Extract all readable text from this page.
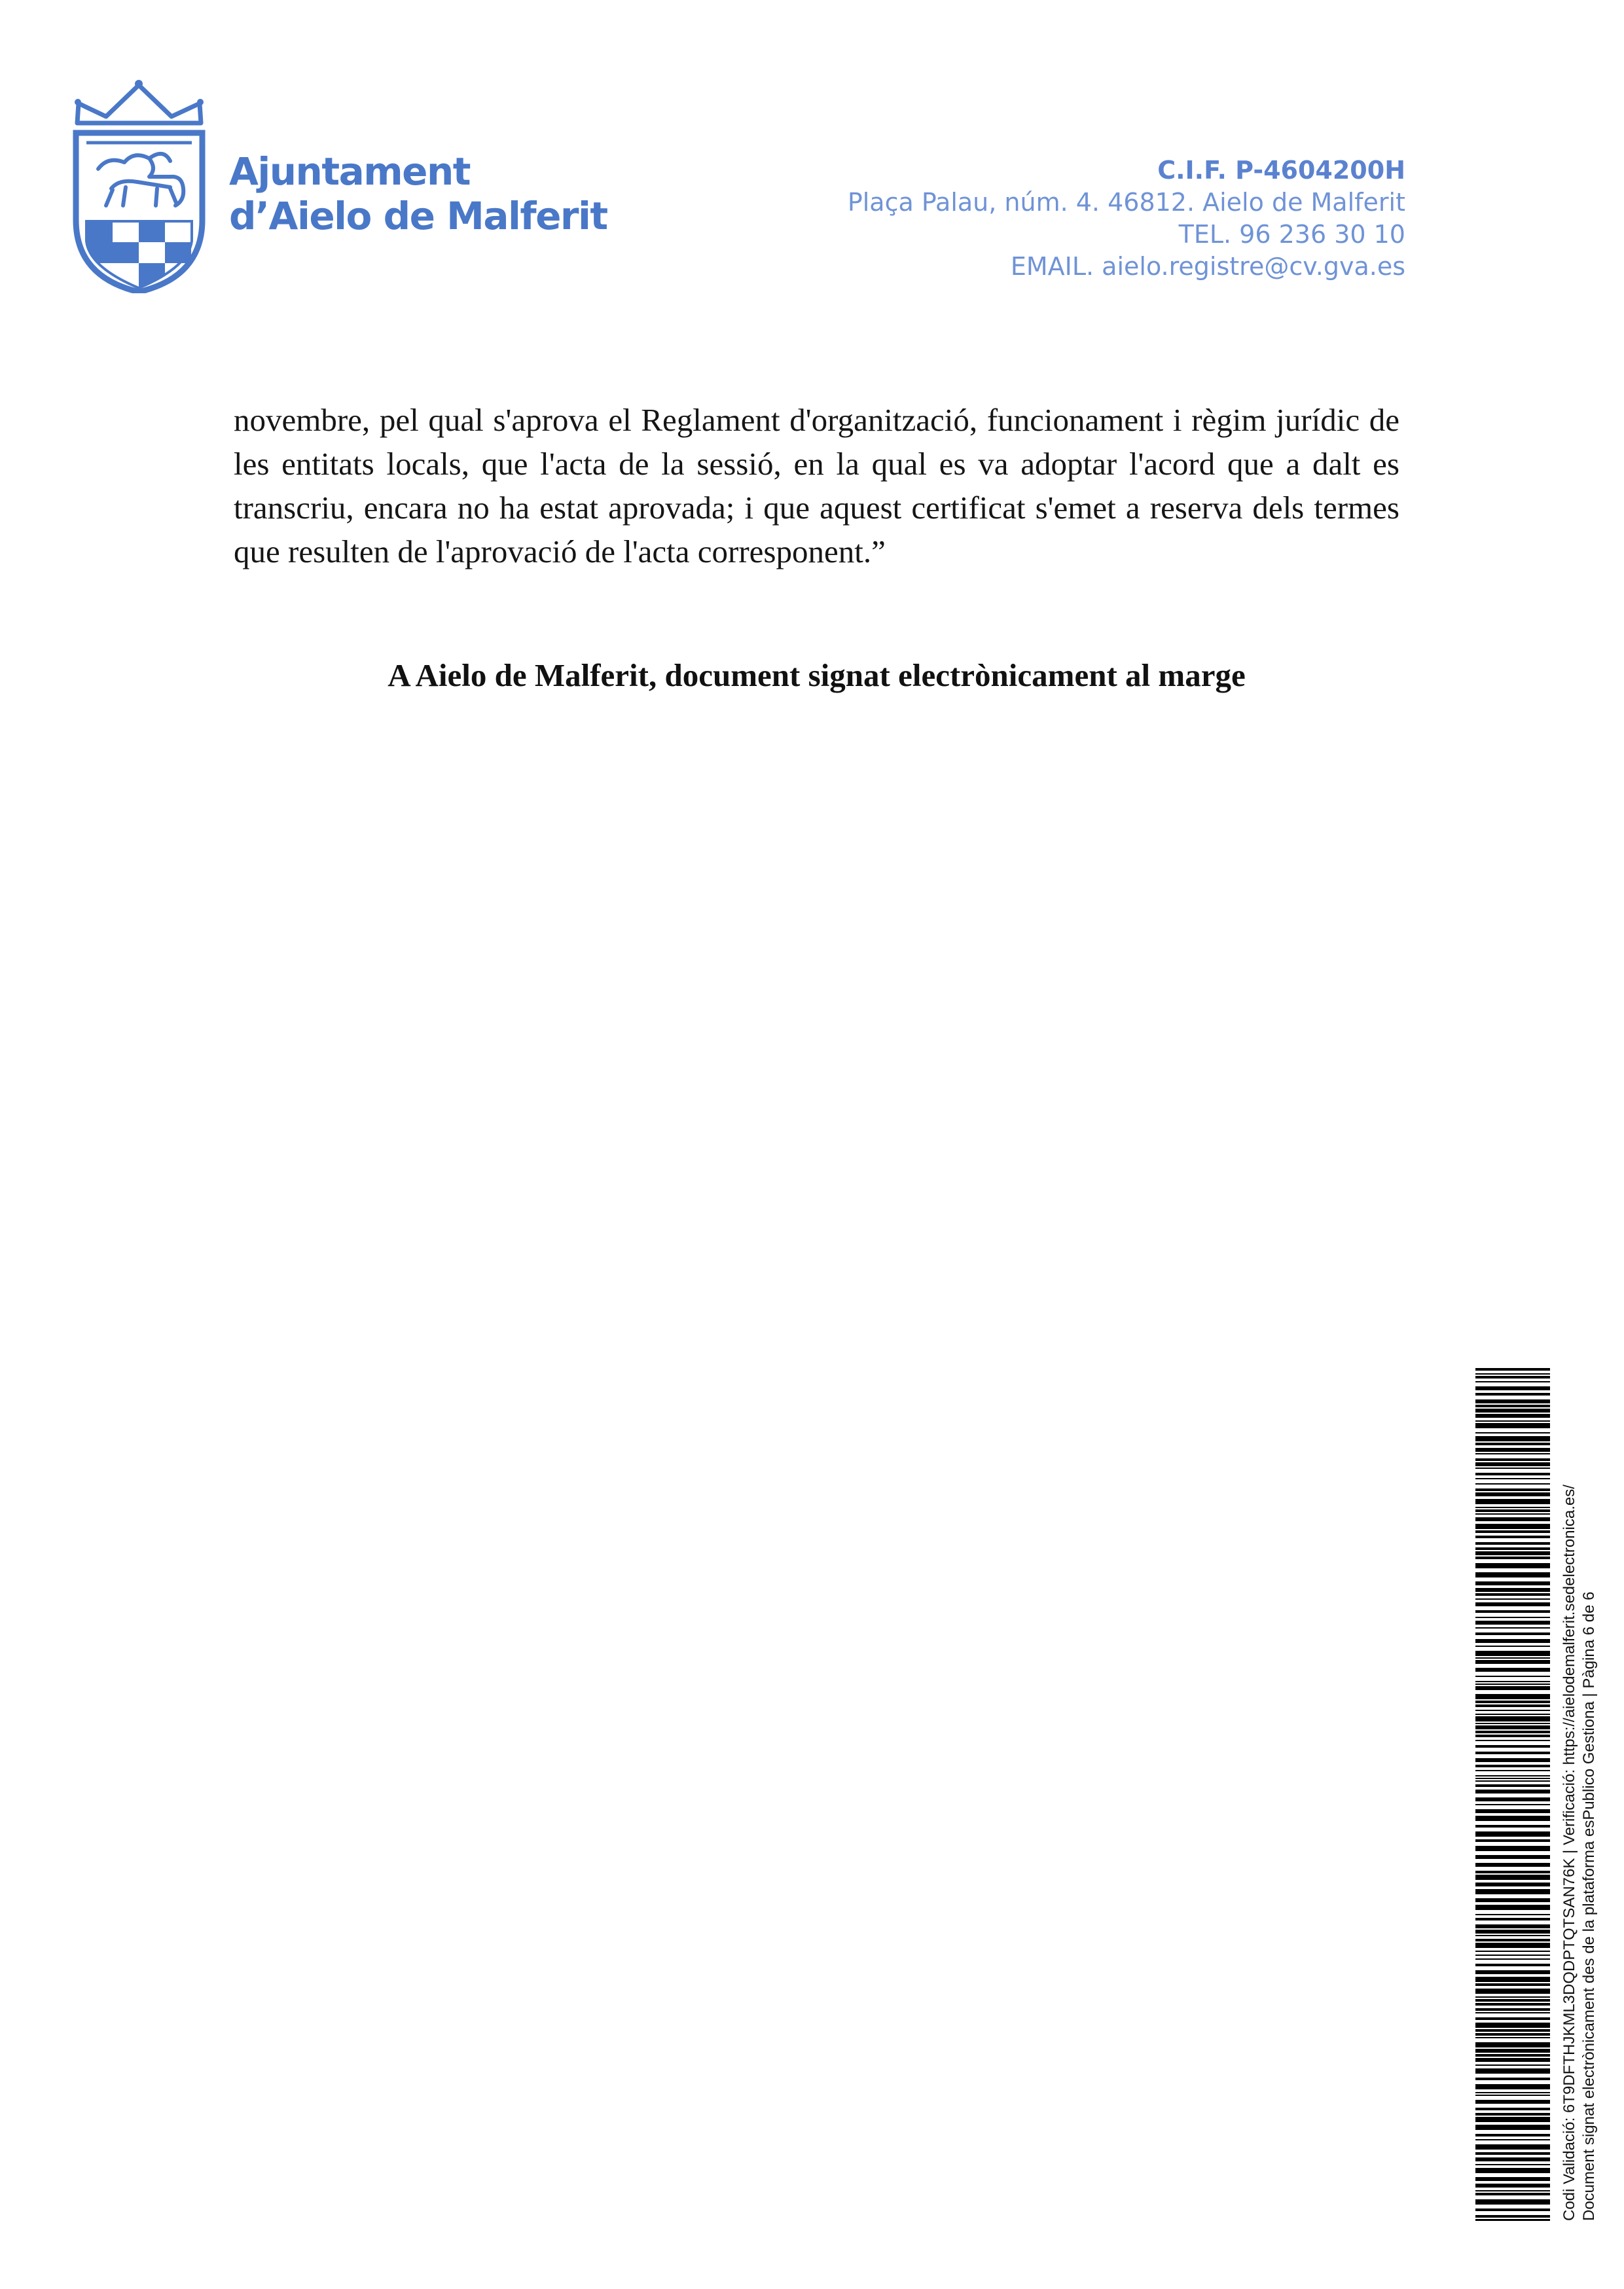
Ajuntament
d’Aielo de Malferit
C.I.F. P-4604200H
Plaça Palau, núm. 4. 46812. Aielo de Malferit
TEL. 96 236 30 10
EMAIL. aielo.registre@cv.gva.es
novembre, pel qual s'aprova el Reglament d'organització, funcionament i règim jurídic de les entitats locals, que l'acta de la sessió, en la qual es va adoptar l'acord que a dalt es transcriu, encara no ha estat aprovada; i que aquest certificat s'emet a reserva dels termes que resulten de l'aprovació de l'acta corresponent.”
A Aielo de Malferit, document signat electrònicament al marge
Codi Validació: 6T9DFTHJKML3DQDPTQTSAN76K | Verificació: https://aielodemalferit.sedelectronica.es/ Document signat electrònicament des de la plataforma esPublico Gestiona | Pàgina 6 de 6
